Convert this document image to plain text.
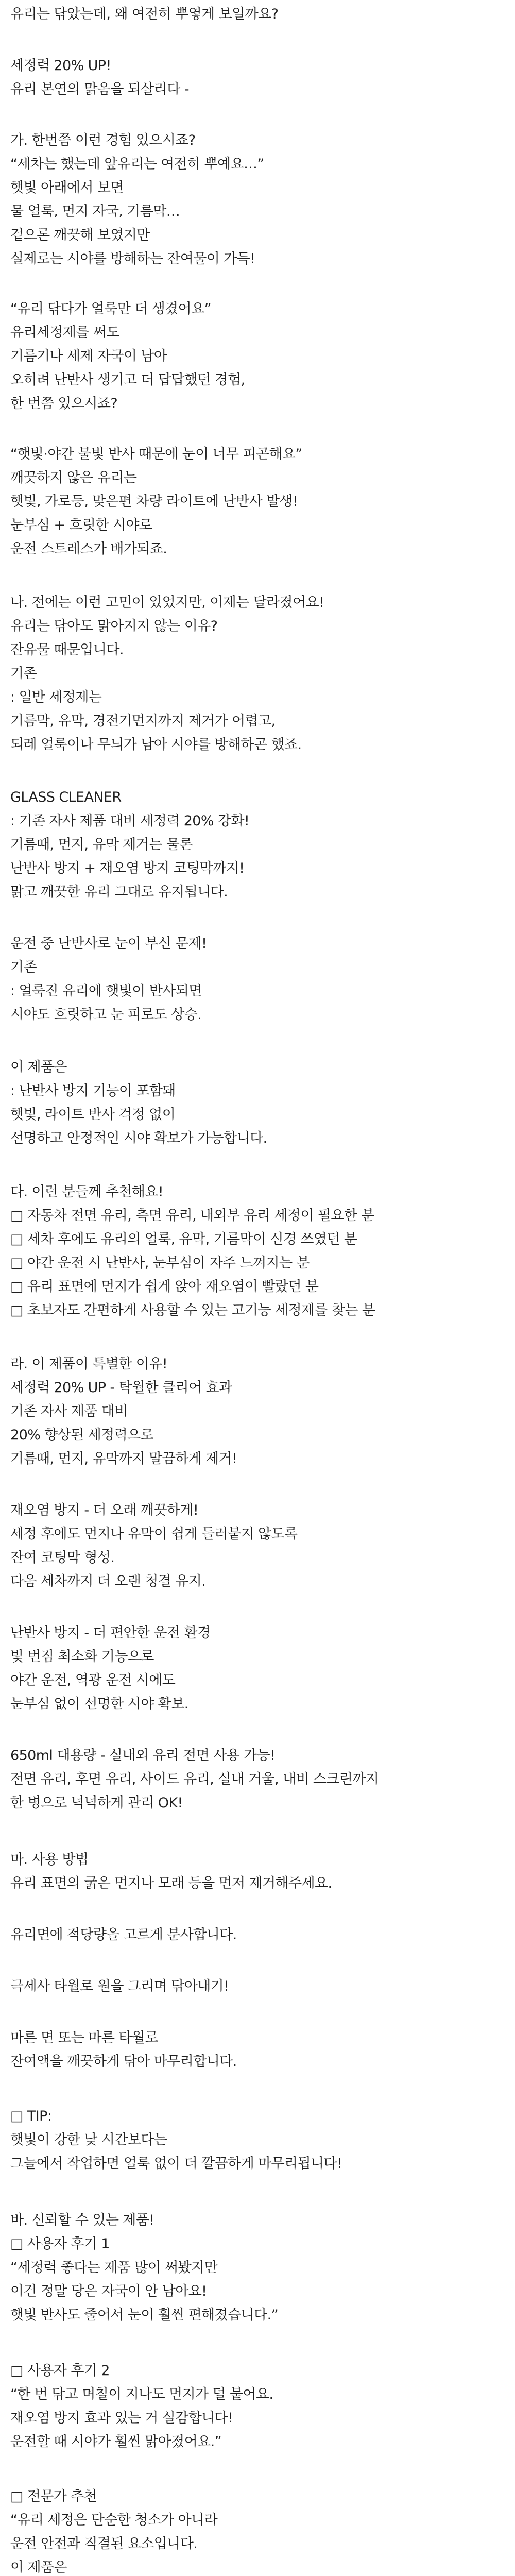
유리는 닦았는데, 왜 여전히 뿌옇게 보일까요?

세정력 20% UP!

유리 본연의 맑음을 되살리다 -

가. 한번쯤 이런 경험 있으시죠?

“세차는 했는데 앞유리는 여전히 뿌예요…”

햇빛 아래에서 보면

물 얼룩, 먼지 자국, 기름막…

겉으론 깨끗해 보였지만

실제로는 시야를 방해하는 잔여물이 가득!

“유리 닦다가 얼룩만 더 생겼어요”

유리세정제를 써도

기름기나 세제 자국이 남아

오히려 난반사 생기고 더 답답했던 경험,

한 번쯤 있으시죠?

“햇빛·야간 불빛 반사 때문에 눈이 너무 피곤해요”

깨끗하지 않은 유리는

햇빛, 가로등, 맞은편 차량 라이트에 난반사 발생!

눈부심 + 흐릿한 시야로

운전 스트레스가 배가되죠.

나. 전에는 이런 고민이 있었지만, 이제는 달라졌어요!

유리는 닦아도 맑아지지 않는 이유?

잔유물 때문입니다.

기존

: 일반 세정제는

기름막, 유막, 경전기먼지까지 제거가 어렵고,

되레 얼룩이나 무늬가 남아 시야를 방해하곤 했죠.

GLASS CLEANER

: 기존 자사 제품 대비 세정력 20% 강화!

기름때, 먼지, 유막 제거는 물론

난반사 방지 + 재오염 방지 코팅막까지!

맑고 깨끗한 유리 그대로 유지됩니다.

운전 중 난반사로 눈이 부신 문제!

기존

: 얼룩진 유리에 햇빛이 반사되면

시야도 흐릿하고 눈 피로도 상승.

이 제품은

: 난반사 방지 기능이 포함돼

햇빛, 라이트 반사 걱정 없이

선명하고 안정적인 시야 확보가 가능합니다.

다. 이런 분들께 추천해요!

□ 자동차 전면 유리, 측면 유리, 내외부 유리 세정이 필요한 분

□ 세차 후에도 유리의 얼룩, 유막, 기름막이 신경 쓰였던 분

□ 야간 운전 시 난반사, 눈부심이 자주 느껴지는 분

□ 유리 표면에 먼지가 쉽게 앉아 재오염이 빨랐던 분

□ 초보자도 간편하게 사용할 수 있는 고기능 세정제를 찾는 분

라. 이 제품이 특별한 이유!

세정력 20% UP - 탁월한 클리어 효과

기존 자사 제품 대비

20% 향상된 세정력으로

기름때, 먼지, 유막까지 말끔하게 제거!

재오염 방지 - 더 오래 깨끗하게!

세정 후에도 먼지나 유막이 쉽게 들러붙지 않도록

잔여 코팅막 형성.

다음 세차까지 더 오랜 청결 유지.

난반사 방지 - 더 편안한 운전 환경

빛 번짐 최소화 기능으로

야간 운전, 역광 운전 시에도

눈부심 없이 선명한 시야 확보.

650ml 대용량 - 실내외 유리 전면 사용 가능!

전면 유리, 후면 유리, 사이드 유리, 실내 거울, 내비 스크린까지

한 병으로 넉넉하게 관리 OK!

마. 사용 방법

유리 표면의 굵은 먼지나 모래 등을 먼저 제거해주세요.

유리면에 적당량을 고르게 분사합니다.

극세사 타월로 원을 그리며 닦아내기!

마른 면 또는 마른 타월로

잔여액을 깨끗하게 닦아 마무리합니다.

□ TIP:

햇빛이 강한 낮 시간보다는

그늘에서 작업하면 얼룩 없이 더 깔끔하게 마무리됩니다!

바. 신뢰할 수 있는 제품!

□ 사용자 후기 1

“세정력 좋다는 제품 많이 써봤지만

이건 정말 당은 자국이 안 남아요!

햇빛 반사도 줄어서 눈이 훨씬 편해졌습니다.”

□ 사용자 후기 2

“한 번 닦고 며칠이 지나도 먼지가 덜 붙어요.

재오염 방지 효과 있는 거 실감합니다!

운전할 때 시야가 훨씬 맑아졌어요.”

□ 전문가 추천

“유리 세정은 단순한 청소가 아니라

운전 안전과 직결된 요소입니다.

이 제품은
